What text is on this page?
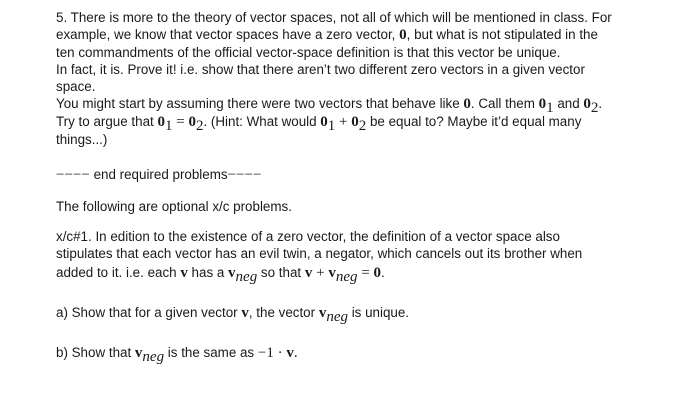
5. There is more to the theory of vector spaces, not all of which will be mentioned in class. For
example, we know that vector spaces have a zero vector, 0, but what is not stipulated in the
ten commandments of the official vector-space definition is that this vector be unique.
In fact, it is. Prove it! i.e. show that there aren’t two different zero vectors in a given vector
space.
You might start by assuming there were two vectors that behave like 0. Call them $0_1$ and $0_2$.
Try to argue that $0_1 = 0_2$. (Hint: What would $0_1 + 0_2$ be equal to? Maybe it’d equal many
things...)
−−−− end required problems−−−−
The following are optional x/c problems.
x/c#1. In edition to the existence of a zero vector, the definition of a vector space also
stipulates that each vector has an evil twin, a negator, which cancels out its brother when
added to it. i.e. each v has a $v_{neg}$ so that $v + v_{neg} = 0$.
a) Show that for a given vector v, the vector $v_{neg}$ is unique.
b) Show that $v_{neg}$ is the same as −1 · v.
